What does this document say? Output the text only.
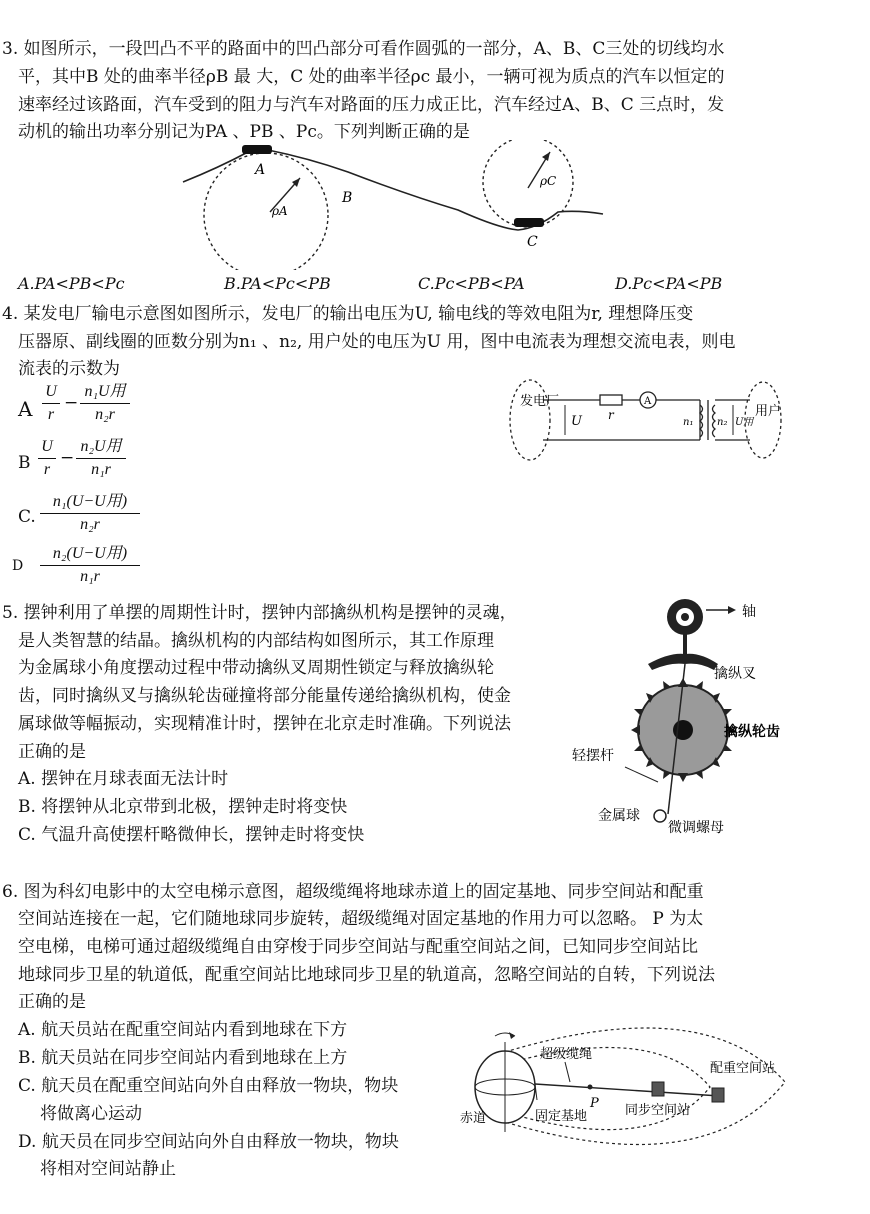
3. 如图所示，一段凹凸不平的路面中的凹凸部分可看作圆弧的一部分，A、B、C三处的切线均水
平，其中B 处的曲率半径ρB 最 大，C 处的曲率半径ρc 最小，一辆可视为质点的汽车以恒定的
速率经过该路面，汽车受到的阻力与汽车对路面的压力成正比，汽车经过A、B、C 三点时，发
动机的输出功率分别记为PA 、PB 、Pc。下列判断正确的是
A
B
C
ρA
ρC
A.PA<PB<Pc	B.PA<Pc<PB	C.Pc<PB<PA	D.Pc<PA<PB
4. 某发电厂输电示意图如图所示，发电厂的输出电压为U, 输电线的等效电阻为r, 理想降压变
压器原、副线圈的匝数分别为n₁ 、n₂, 用户处的电压为U 用，图中电流表为理想交流电表，则电
流表的示数为
A
U
r
−
n₁U用
n₂r
B
U
r
−
n₂U用
n₁r
C.
n₁(U−U用)
n₂r
D
n₂(U−U用)
n₁r
发电厂
U r
A
n₁ n₂ U用
用户
5. 摆钟利用了单摆的周期性计时，摆钟内部擒纵机构是摆钟的灵魂，
是人类智慧的结晶。擒纵机构的内部结构如图所示，其工作原理
为金属球小角度摆动过程中带动擒纵叉周期性锁定与释放擒纵轮
齿，同时擒纵叉与擒纵轮齿碰撞将部分能量传递给擒纵机构，使金
属球做等幅振动，实现精准计时，摆钟在北京走时准确。下列说法
正确的是
A. 摆钟在月球表面无法计时
B. 将摆钟从北京带到北极，摆钟走时将变快
C. 气温升高使摆杆略微伸长，摆钟走时将变快
轴
擒纵叉
擒纵轮齿
轻摆杆
金属球
微调螺母
6. 图为科幻电影中的太空电梯示意图，超级缆绳将地球赤道上的固定基地、同步空间站和配重
空间站连接在一起，它们随地球同步旋转，超级缆绳对固定基地的作用力可以忽略。 P 为太
空电梯，电梯可通过超级缆绳自由穿梭于同步空间站与配重空间站之间，已知同步空间站比
地球同步卫星的轨道低，配重空间站比地球同步卫星的轨道高，忽略空间站的自转，下列说法
正确的是
A. 航天员站在配重空间站内看到地球在下方
B. 航天员站在同步空间站内看到地球在上方
C. 航天员在配重空间站向外自由释放一物块，物块
将做离心运动
D. 航天员在同步空间站向外自由释放一物块，物块
将相对空间站静止
超级缆绳
配重空间站
P
赤道	固定基地	同步空间站
